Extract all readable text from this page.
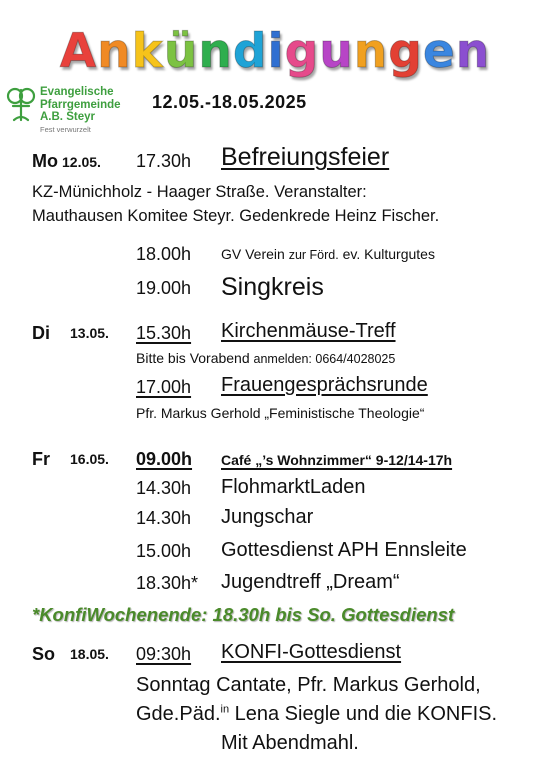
Ankündigungen
Evangelische
Pfarrgemeinde
A.B. Steyr
Fest verwurzelt
12.05.-18.05.2025
Mo 12.05. 17.30h Befreiungsfeier
KZ-Münichholz - Haager Straße. Veranstalter:
Mauthausen Komitee Steyr. Gedenkrede Heinz Fischer.
18.00h GV Verein zur Förd. ev. Kulturgutes
19.00h Singkreis
Di 13.05. 15.30h Kirchenmäuse-Treff
Bitte bis Vorabend anmelden: 0664/4028025
17.00h Frauengesprächsrunde
Pfr. Markus Gerhold „Feministische Theologie“
Fr 16.05. 09.00h Café „’s Wohnzimmer“ 9-12/14-17h
14.30h FlohmarktLaden
14.30h Jungschar
15.00h Gottesdienst APH Ennsleite
18.30h* Jugendtreff „Dream“
*KonfiWochenende: 18.30h bis So. Gottesdienst
So 18.05. 09:30h KONFI-Gottesdienst
Sonntag Cantate, Pfr. Markus Gerhold,
Gde.Päd.$^{in}$ Lena Siegle und die KONFIS.
Mit Abendmahl.
